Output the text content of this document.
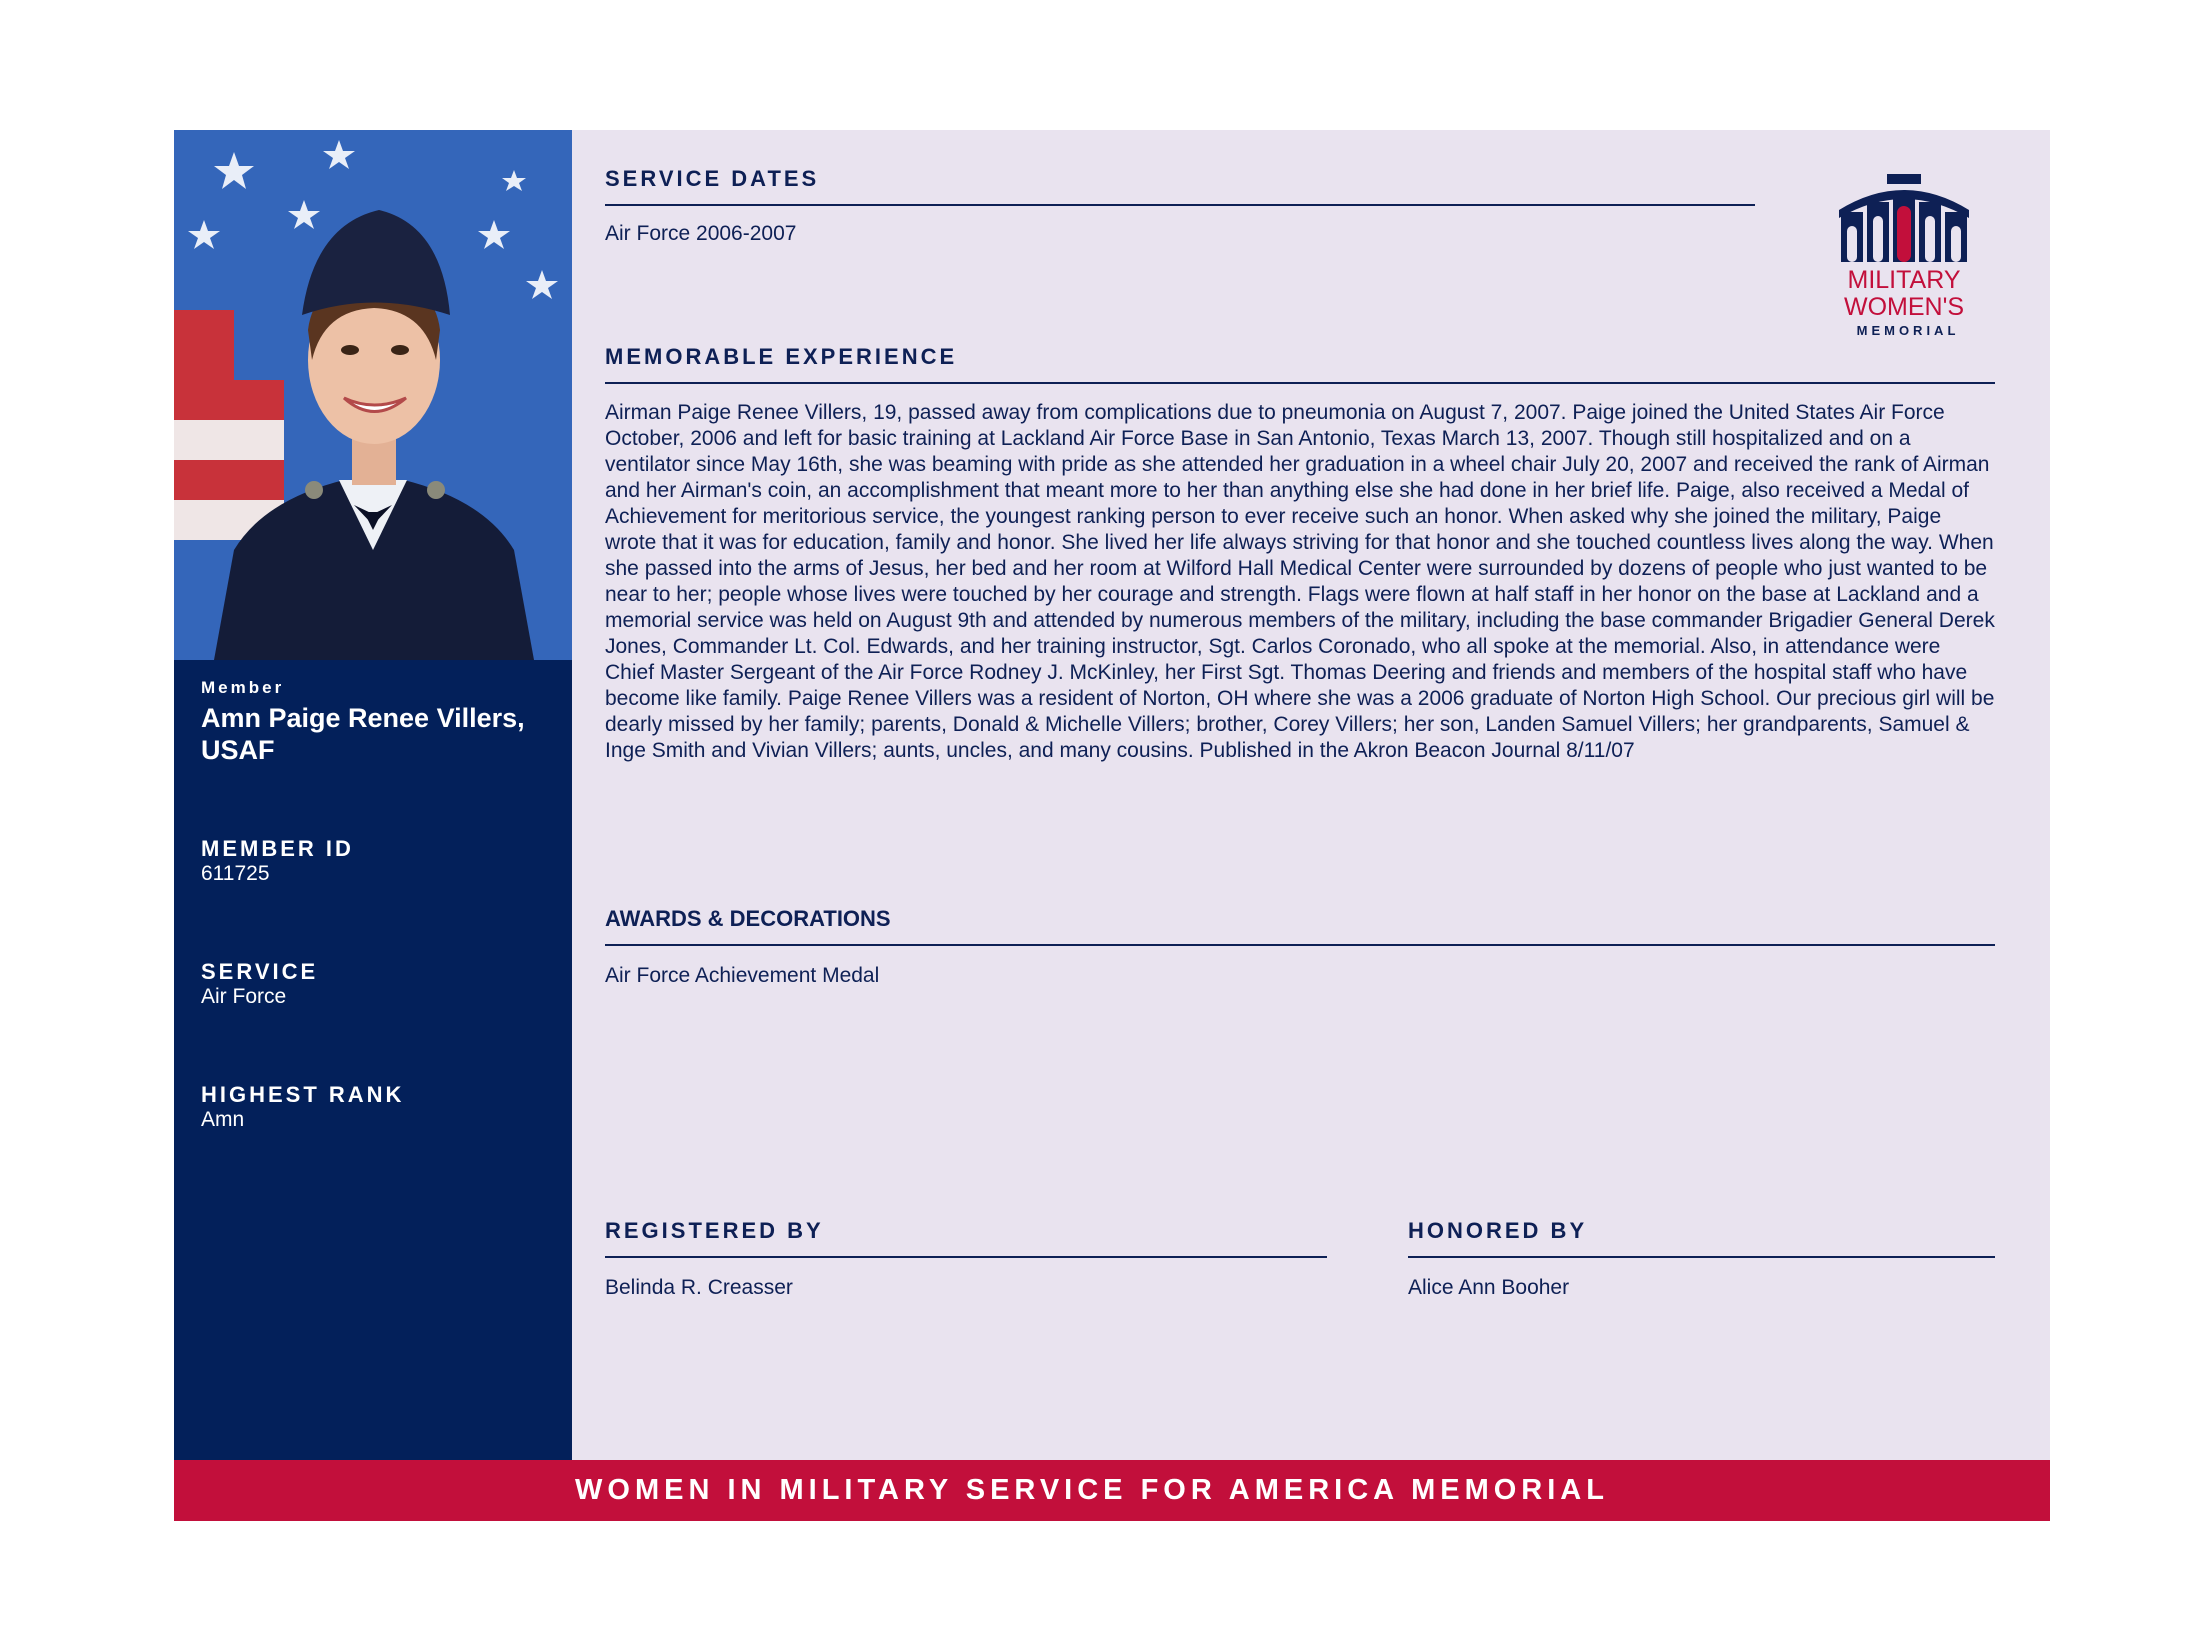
Member
Amn Paige Renee Villers, USAF
MEMBER ID
611725
SERVICE
Air Force
HIGHEST RANK
Amn
SERVICE DATES
Air Force 2006-2007
MILITARY
WOMEN'S
MEMORIAL
MEMORABLE EXPERIENCE
Airman Paige Renee Villers, 19, passed away from complications due to pneumonia on August 7, 2007. Paige joined the United States Air Force October, 2006 and left for basic training at Lackland Air Force Base in San Antonio, Texas March 13, 2007. Though still hospitalized and on a ventilator since May 16th, she was beaming with pride as she attended her graduation in a wheel chair July 20, 2007 and received the rank of Airman and her Airman's coin, an accomplishment that meant more to her than anything else she had done in her brief life. Paige, also received a Medal of Achievement for meritorious service, the youngest ranking person to ever receive such an honor. When asked why she joined the military, Paige wrote that it was for education, family and honor. She lived her life always striving for that honor and she touched countless lives along the way. When she passed into the arms of Jesus, her bed and her room at Wilford Hall Medical Center were surrounded by dozens of people who just wanted to be near to her; people whose lives were touched by her courage and strength. Flags were flown at half staff in her honor on the base at Lackland and a memorial service was held on August 9th and attended by numerous members of the military, including the base commander Brigadier General Derek Jones, Commander Lt. Col. Edwards, and her training instructor, Sgt. Carlos Coronado, who all spoke at the memorial. Also, in attendance were Chief Master Sergeant of the Air Force Rodney J. McKinley, her First Sgt. Thomas Deering and friends and members of the hospital staff who have become like family. Paige Renee Villers was a resident of Norton, OH where she was a 2006 graduate of Norton High School. Our precious girl will be dearly missed by her family; parents, Donald & Michelle Villers; brother, Corey Villers; her son, Landen Samuel Villers; her grandparents, Samuel & Inge Smith and Vivian Villers; aunts, uncles, and many cousins. Published in the Akron Beacon Journal 8/11/07
AWARDS & DECORATIONS
Air Force Achievement Medal
REGISTERED BY
Belinda R. Creasser
HONORED BY
Alice Ann Booher
WOMEN IN MILITARY SERVICE FOR AMERICA MEMORIAL
